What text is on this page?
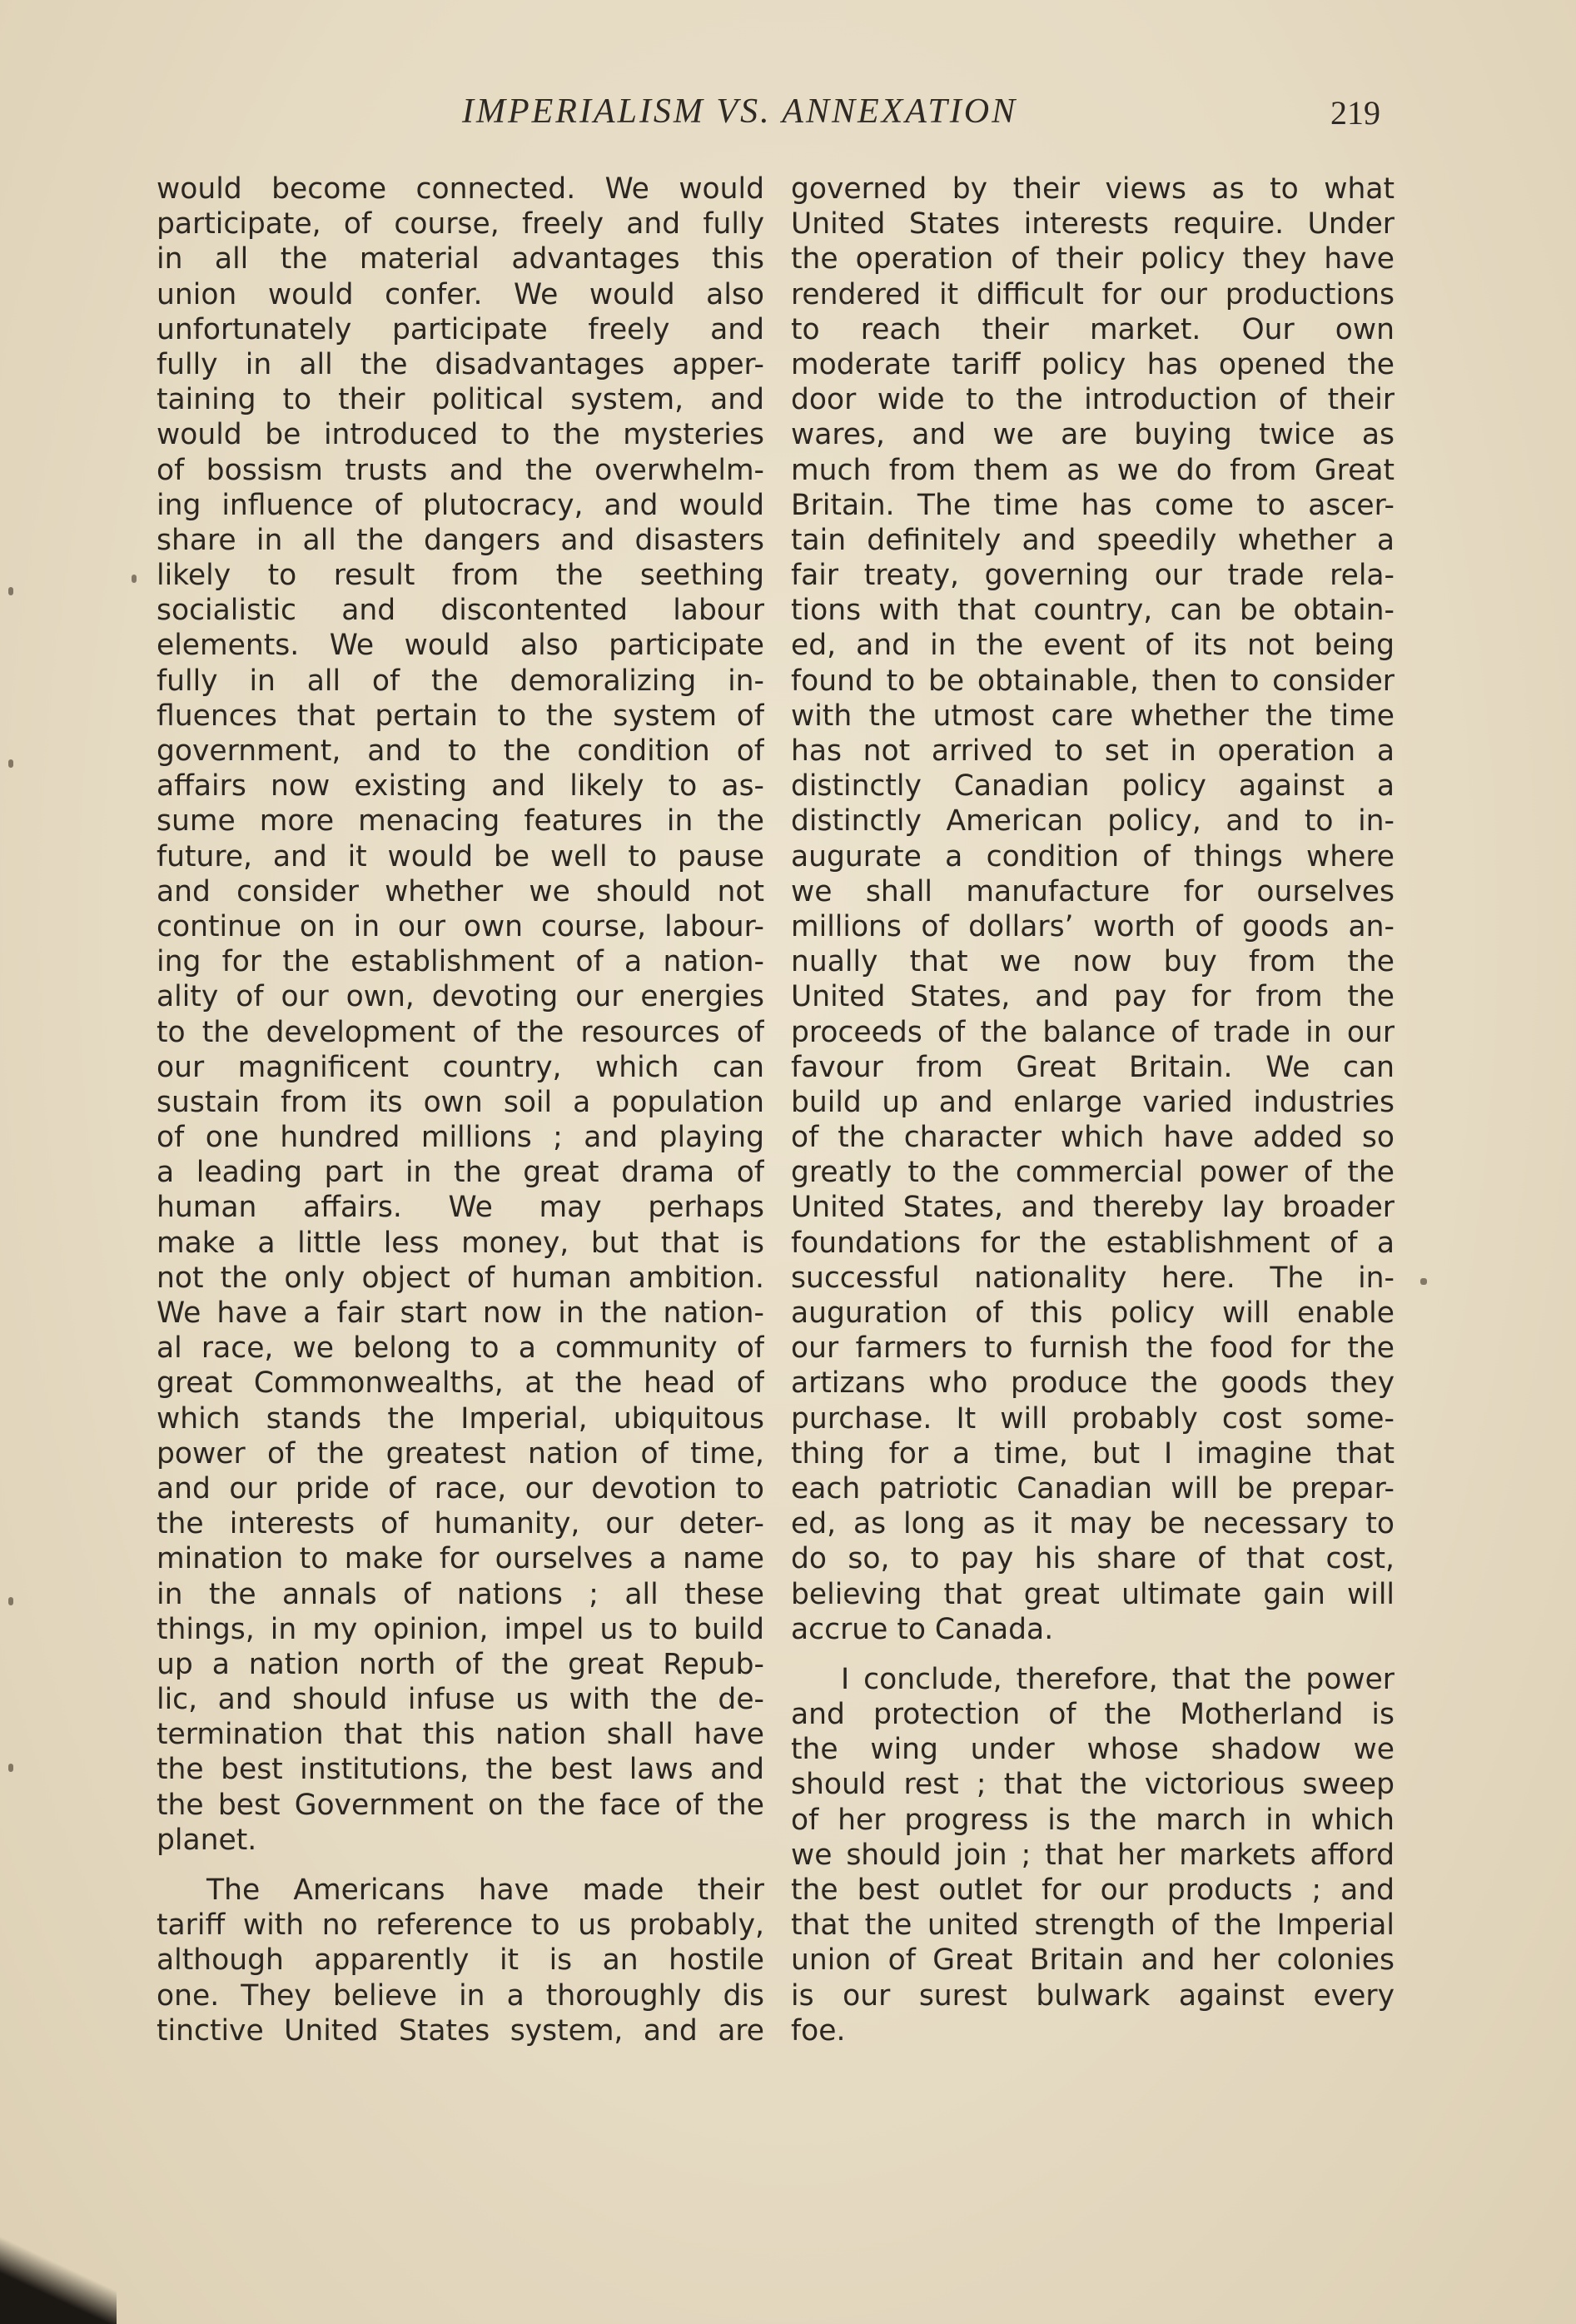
IMPERIALISM VS. ANNEXATION	219
would become connected. We would
participate, of course, freely and fully
in all the material advantages this
union would confer. We would also
unfortunately participate freely and
fully in all the disadvantages apper-
taining to their political system, and
would be introduced to the mysteries
of bossism trusts and the overwhelm-
ing influence of plutocracy, and would
share in all the dangers and disasters
likely to result from the seething
socialistic and discontented labour
elements. We would also participate
fully in all of the demoralizing in-
fluences that pertain to the system of
government, and to the condition of
affairs now existing and likely to as-
sume more menacing features in the
future, and it would be well to pause
and consider whether we should not
continue on in our own course, labour-
ing for the establishment of a nation-
ality of our own, devoting our energies
to the development of the resources of
our magnificent country, which can
sustain from its own soil a population
of one hundred millions ; and playing
a leading part in the great drama of
human affairs. We may perhaps
make a little less money, but that is
not the only object of human ambition.
We have a fair start now in the nation-
al race, we belong to a community of
great Commonwealths, at the head of
which stands the Imperial, ubiquitous
power of the greatest nation of time,
and our pride of race, our devotion to
the interests of humanity, our deter-
mination to make for ourselves a name
in the annals of nations ; all these
things, in my opinion, impel us to build
up a nation north of the great Repub-
lic, and should infuse us with the de-
termination that this nation shall have
the best institutions, the best laws and
the best Government on the face of the
planet.
The Americans have made their
tariff with no reference to us probably,
although apparently it is an hostile
one. They believe in a thoroughly dis
tinctive United States system, and are
governed by their views as to what
United States interests require. Under
the operation of their policy they have
rendered it difficult for our productions
to reach their market. Our own
moderate tariff policy has opened the
door wide to the introduction of their
wares, and we are buying twice as
much from them as we do from Great
Britain. The time has come to ascer-
tain definitely and speedily whether a
fair treaty, governing our trade rela-
tions with that country, can be obtain-
ed, and in the event of its not being
found to be obtainable, then to consider
with the utmost care whether the time
has not arrived to set in operation a
distinctly Canadian policy against a
distinctly American policy, and to in-
augurate a condition of things where
we shall manufacture for ourselves
millions of dollars’ worth of goods an-
nually that we now buy from the
United States, and pay for from the
proceeds of the balance of trade in our
favour from Great Britain. We can
build up and enlarge varied industries
of the character which have added so
greatly to the commercial power of the
United States, and thereby lay broader
foundations for the establishment of a
successful nationality here. The in-
auguration of this policy will enable
our farmers to furnish the food for the
artizans who produce the goods they
purchase. It will probably cost some-
thing for a time, but I imagine that
each patriotic Canadian will be prepar-
ed, as long as it may be necessary to
do so, to pay his share of that cost,
believing that great ultimate gain will
accrue to Canada.
I conclude, therefore, that the power
and protection of the Motherland is
the wing under whose shadow we
should rest ; that the victorious sweep
of her progress is the march in which
we should join ; that her markets afford
the best outlet for our products ; and
that the united strength of the Imperial
union of Great Britain and her colonies
is our surest bulwark against every
foe.
